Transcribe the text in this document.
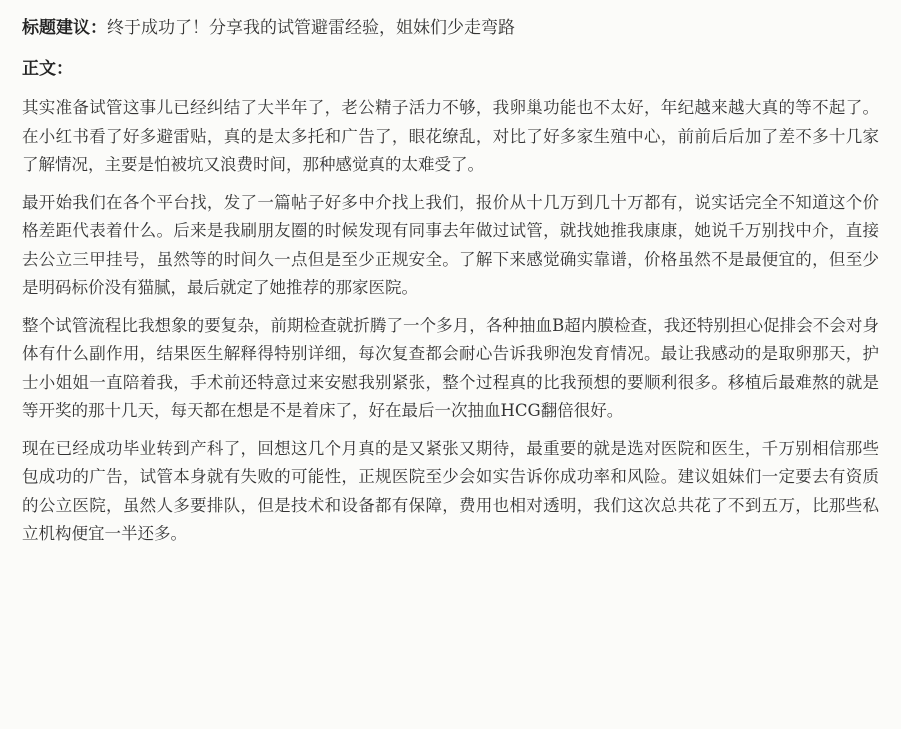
标题建议：终于成功了！分享我的试管避雷经验，姐妹们少走弯路

正文：

其实准备试管这事儿已经纠结了大半年了，老公精子活力不够，我卵巢功能也不太好，年纪越来越大真的等不起了。在小红书看了好多避雷贴，真的是太多托和广告了，眼花缭乱，对比了好多家生殖中心，前前后后加了差不多十几家了解情况，主要是怕被坑又浪费时间，那种感觉真的太难受了。

最开始我们在各个平台找，发了一篇帖子好多中介找上我们，报价从十几万到几十万都有，说实话完全不知道这个价格差距代表着什么。后来是我刷朋友圈的时候发现有同事去年做过试管，就找她推我康康，她说千万别找中介，直接去公立三甲挂号，虽然等的时间久一点但是至少正规安全。了解下来感觉确实靠谱，价格虽然不是最便宜的，但至少是明码标价没有猫腻，最后就定了她推荐的那家医院。

整个试管流程比我想象的要复杂，前期检查就折腾了一个多月，各种抽血B超内膜检查，我还特别担心促排会不会对身体有什么副作用，结果医生解释得特别详细，每次复查都会耐心告诉我卵泡发育情况。最让我感动的是取卵那天，护士小姐姐一直陪着我，手术前还特意过来安慰我别紧张，整个过程真的比我预想的要顺利很多。移植后最难熬的就是等开奖的那十几天，每天都在想是不是着床了，好在最后一次抽血HCG翻倍很好。

现在已经成功毕业转到产科了，回想这几个月真的是又紧张又期待，最重要的就是选对医院和医生，千万别相信那些包成功的广告，试管本身就有失败的可能性，正规医院至少会如实告诉你成功率和风险。建议姐妹们一定要去有资质的公立医院，虽然人多要排队，但是技术和设备都有保障，费用也相对透明，我们这次总共花了不到五万，比那些私立机构便宜一半还多。
